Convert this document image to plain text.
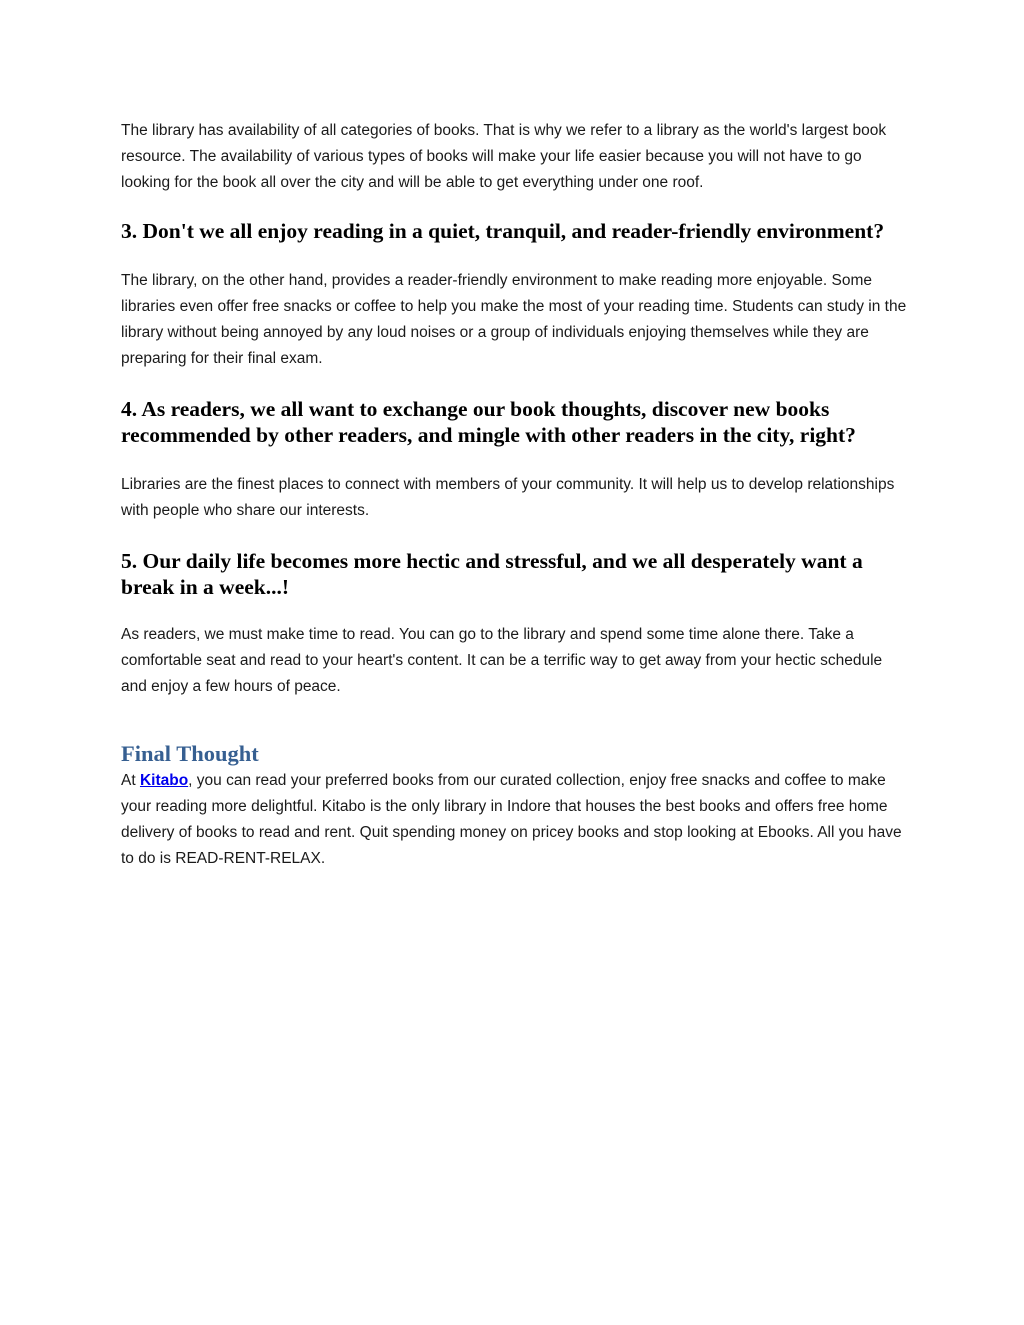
The library has availability of all categories of books. That is why we refer to a library as the world's largest book resource. The availability of various types of books will make your life easier because you will not have to go looking for the book all over the city and will be able to get everything under one roof.

3. Don't we all enjoy reading in a quiet, tranquil, and reader-friendly environment?

The library, on the other hand, provides a reader-friendly environment to make reading more enjoyable. Some libraries even offer free snacks or coffee to help you make the most of your reading time. Students can study in the library without being annoyed by any loud noises or a group of individuals enjoying themselves while they are preparing for their final exam.

4. As readers, we all want to exchange our book thoughts, discover new books recommended by other readers, and mingle with other readers in the city, right?

Libraries are the finest places to connect with members of your community. It will help us to develop relationships with people who share our interests.

5. Our daily life becomes more hectic and stressful, and we all desperately want a break in a week...!

As readers, we must make time to read. You can go to the library and spend some time alone there. Take a comfortable seat and read to your heart's content. It can be a terrific way to get away from your hectic schedule and enjoy a few hours of peace.

Final Thought

At Kitabo, you can read your preferred books from our curated collection, enjoy free snacks and coffee to make your reading more delightful. Kitabo is the only library in Indore that houses the best books and offers free home delivery of books to read and rent. Quit spending money on pricey books and stop looking at Ebooks. All you have to do is READ-RENT-RELAX.
